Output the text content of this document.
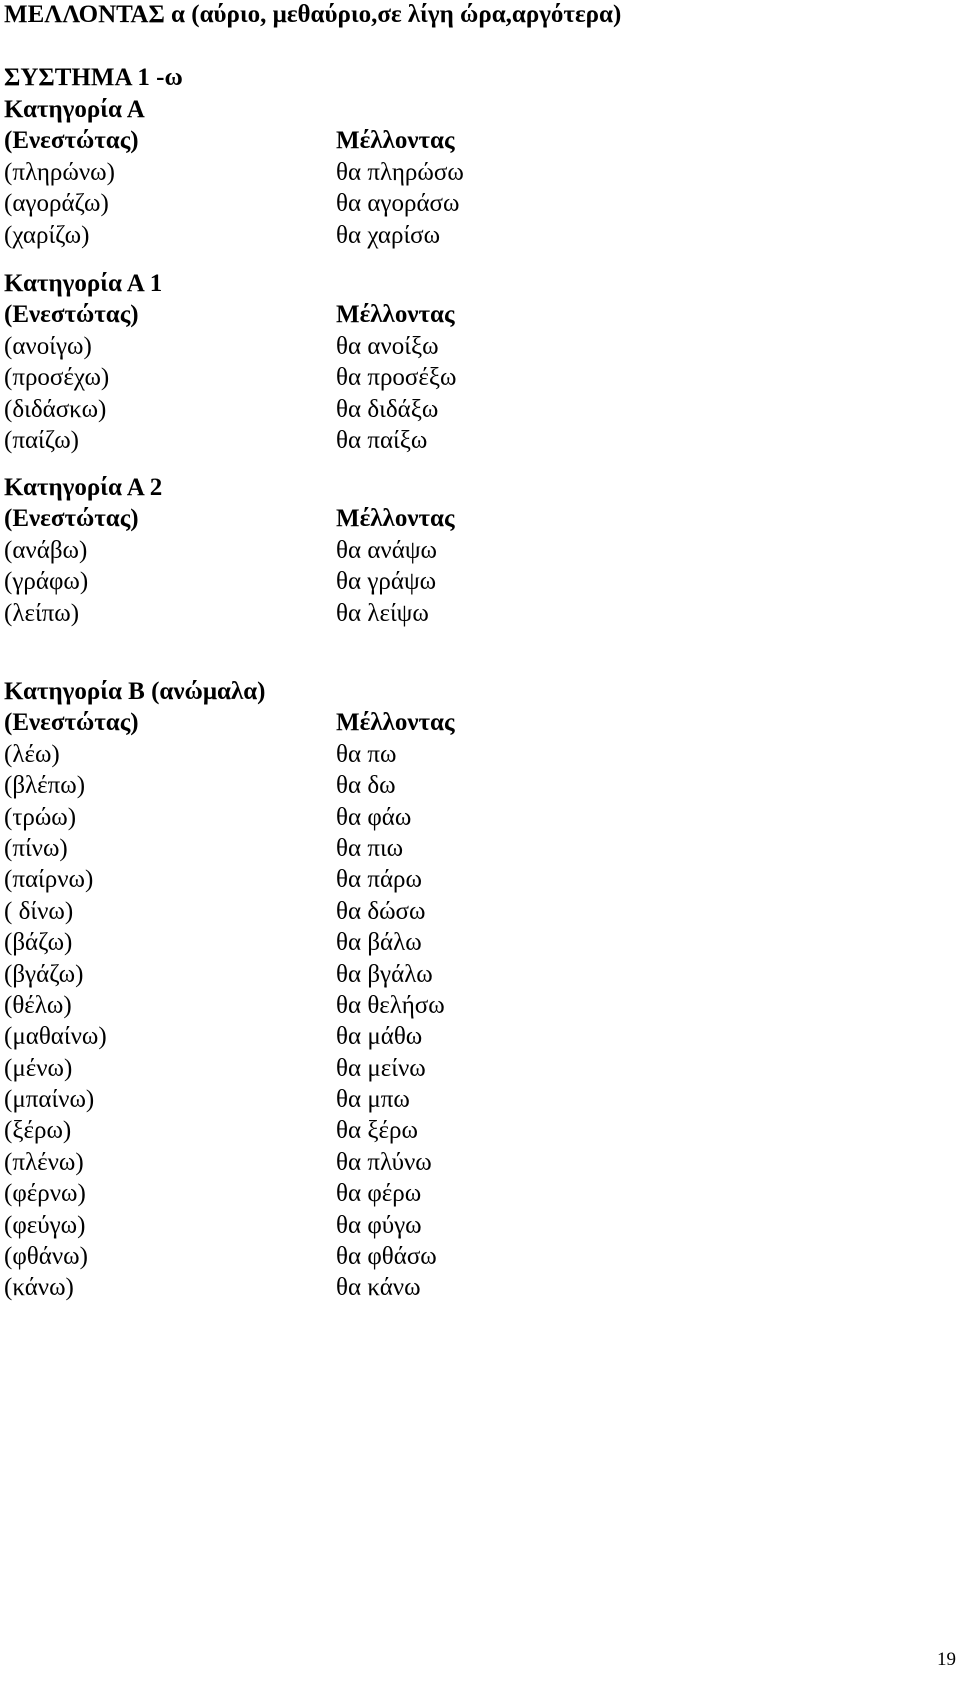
ΜΕΛΛΟΝΤΑΣ α (αύριο, μεθαύριο,σε λίγη ώρα,αργότερα)
ΣΥΣΤΗΜΑ 1 -ω
Κατηγορία Α
(Ενεστώτας)	Μέλλοντας
(πληρώνω)	θα πληρώσω
(αγοράζω)	θα αγοράσω
(χαρίζω)	θα χαρίσω
Κατηγορία Α 1
(Ενεστώτας)	Μέλλοντας
(ανοίγω)	θα ανοίξω
(προσέχω)	θα προσέξω
(διδάσκω)	θα διδάξω
(παίζω)	θα παίξω
Κατηγορία Α 2
(Ενεστώτας)	Μέλλοντας
(ανάβω)	θα ανάψω
(γράφω)	θα γράψω
(λείπω)	θα λείψω
Κατηγορία Β (ανώμαλα)
(Ενεστώτας)	Μέλλοντας
(λέω)	θα πω
(βλέπω)	θα δω
(τρώω)	θα φάω
(πίνω)	θα πιω
(παίρνω)	θα πάρω
( δίνω)	θα δώσω
(βάζω)	θα βάλω
(βγάζω)	θα βγάλω
(θέλω)	θα θελήσω
(μαθαίνω)	θα μάθω
(μένω)	θα μείνω
(μπαίνω)	θα μπω
(ξέρω)	θα ξέρω
(πλένω)	θα πλύνω
(φέρνω)	θα φέρω
(φεύγω)	θα φύγω
(φθάνω)	θα φθάσω
(κάνω)	θα κάνω
19
